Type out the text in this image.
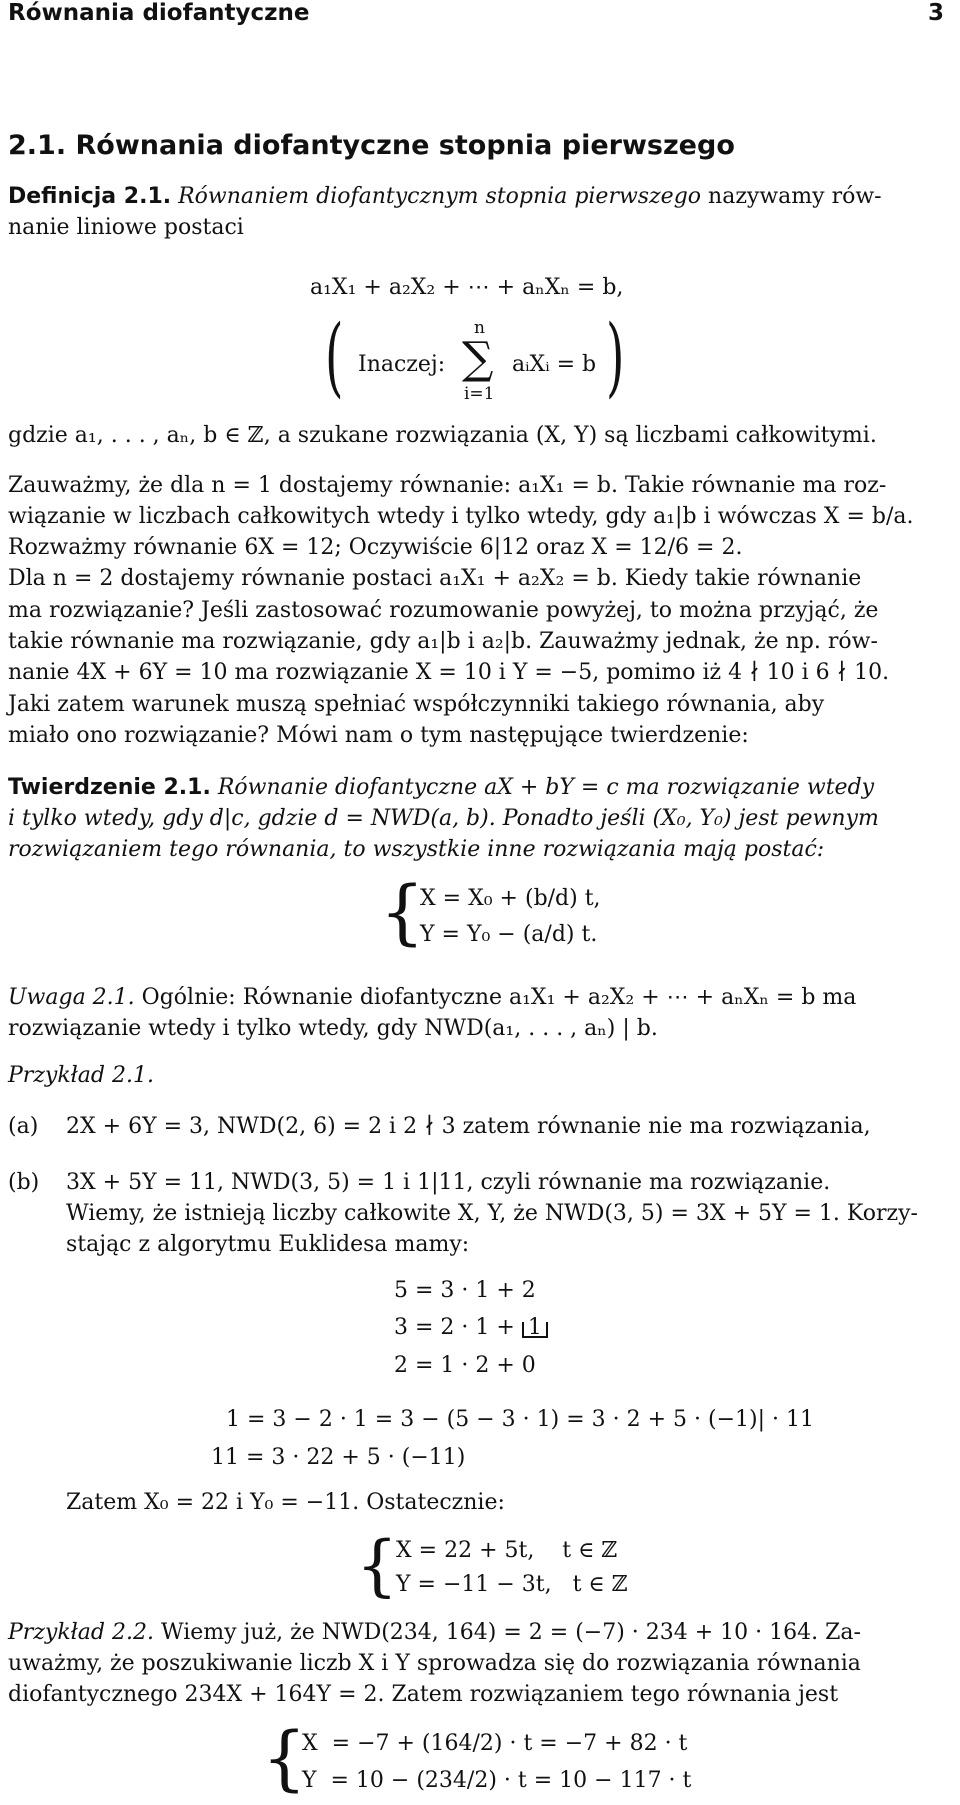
Równania diofantyczne	3
2.1. Równania diofantyczne stopnia pierwszego
Definicja 2.1. Równaniem diofantycznym stopnia pierwszego nazywamy rów-
nanie liniowe postaci
a₁X₁ + a₂X₂ + ⋯ + aₙXₙ = b,
( Inaczej:
n
∑
i=1
aᵢXᵢ = b )
gdzie a₁, . . . , aₙ, b ∈ ℤ, a szukane rozwiązania (X, Y) są liczbami całkowitymi.
Zauważmy, że dla n = 1 dostajemy równanie: a₁X₁ = b. Takie równanie ma roz-
wiązanie w liczbach całkowitych wtedy i tylko wtedy, gdy a₁|b i wówczas X = b/a.
Rozważmy równanie 6X = 12; Oczywiście 6|12 oraz X = 12/6 = 2.
Dla n = 2 dostajemy równanie postaci a₁X₁ + a₂X₂ = b. Kiedy takie równanie
ma rozwiązanie? Jeśli zastosować rozumowanie powyżej, to można przyjąć, że
takie równanie ma rozwiązanie, gdy a₁|b i a₂|b. Zauważmy jednak, że np. rów-
nanie 4X + 6Y = 10 ma rozwiązanie X = 10 i Y = −5, pomimo iż 4 ∤ 10 i 6 ∤ 10.
Jaki zatem warunek muszą spełniać współczynniki takiego równania, aby
miało ono rozwiązanie? Mówi nam o tym następujące twierdzenie:
Twierdzenie 2.1. Równanie diofantyczne aX + bY = c ma rozwiązanie wtedy
i tylko wtedy, gdy d|c, gdzie d = NWD(a, b). Ponadto jeśli (X₀, Y₀) jest pewnym
rozwiązaniem tego równania, to wszystkie inne rozwiązania mają postać:
{
X = X₀ + (b/d) t,
Y = Y₀ − (a/d) t.
Uwaga 2.1. Ogólnie: Równanie diofantyczne a₁X₁ + a₂X₂ + ⋯ + aₙXₙ = b ma
rozwiązanie wtedy i tylko wtedy, gdy NWD(a₁, . . . , aₙ) | b.
Przykład 2.1.
(a) 2X + 6Y = 3, NWD(2, 6) = 2 i 2 ∤ 3 zatem równanie nie ma rozwiązania,
(b) 3X + 5Y = 11, NWD(3, 5) = 1 i 1|11, czyli równanie ma rozwiązanie.
Wiemy, że istnieją liczby całkowite X, Y, że NWD(3, 5) = 3X + 5Y = 1. Korzy-
stając z algorytmu Euklidesa mamy:
5 = 3 · 1 + 2
3 = 2 · 1 + 1
2 = 1 · 2 + 0
1 = 3 − 2 · 1 = 3 − (5 − 3 · 1) = 3 · 2 + 5 · (−1)| · 11
11 = 3 · 22 + 5 · (−11)
Zatem X₀ = 22 i Y₀ = −11. Ostatecznie:
{
X = 22 + 5t,    t ∈ ℤ
Y = −11 − 3t,   t ∈ ℤ
Przykład 2.2. Wiemy już, że NWD(234, 164) = 2 = (−7) · 234 + 10 · 164. Za-
uważmy, że poszukiwanie liczb X i Y sprowadza się do rozwiązania równania
diofantycznego 234X + 164Y = 2. Zatem rozwiązaniem tego równania jest
{
X  = −7 + (164/2) · t = −7 + 82 · t
Y  = 10 − (234/2) · t = 10 − 117 · t
